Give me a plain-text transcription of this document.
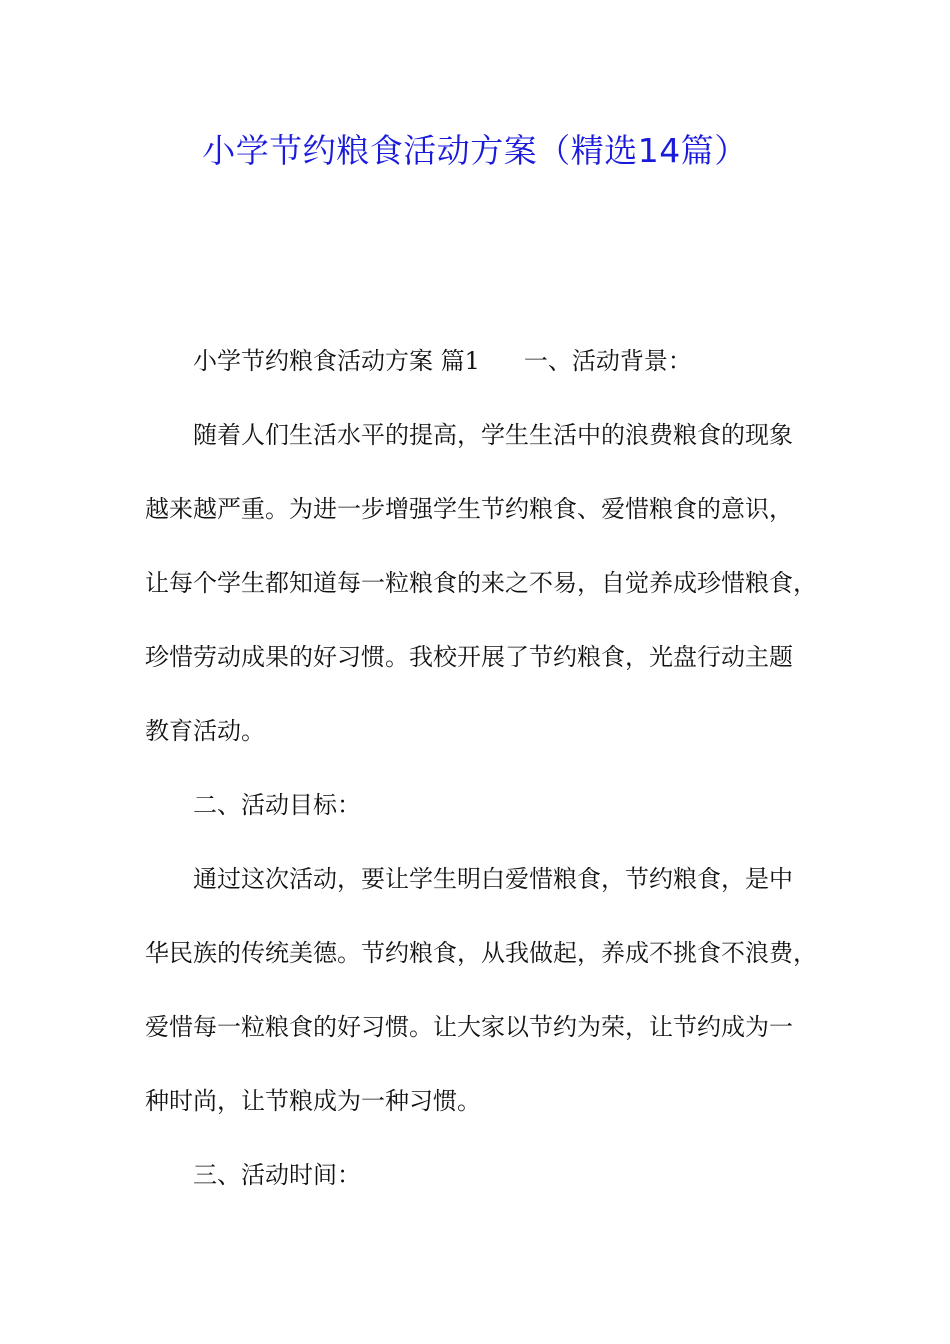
小学节约粮食活动方案（精选14篇）
小学节约粮食活动方案 篇1 一、活动背景：
随着人们生活水平的提高，学生生活中的浪费粮食的现象
越来越严重。为进一步增强学生节约粮食、爱惜粮食的意识，
让每个学生都知道每一粒粮食的来之不易，自觉养成珍惜粮食，
珍惜劳动成果的好习惯。我校开展了节约粮食，光盘行动主题
教育活动。
二、活动目标：
通过这次活动，要让学生明白爱惜粮食，节约粮食，是中
华民族的传统美德。节约粮食，从我做起，养成不挑食不浪费，
爱惜每一粒粮食的好习惯。让大家以节约为荣，让节约成为一
种时尚，让节粮成为一种习惯。
三、活动时间：
